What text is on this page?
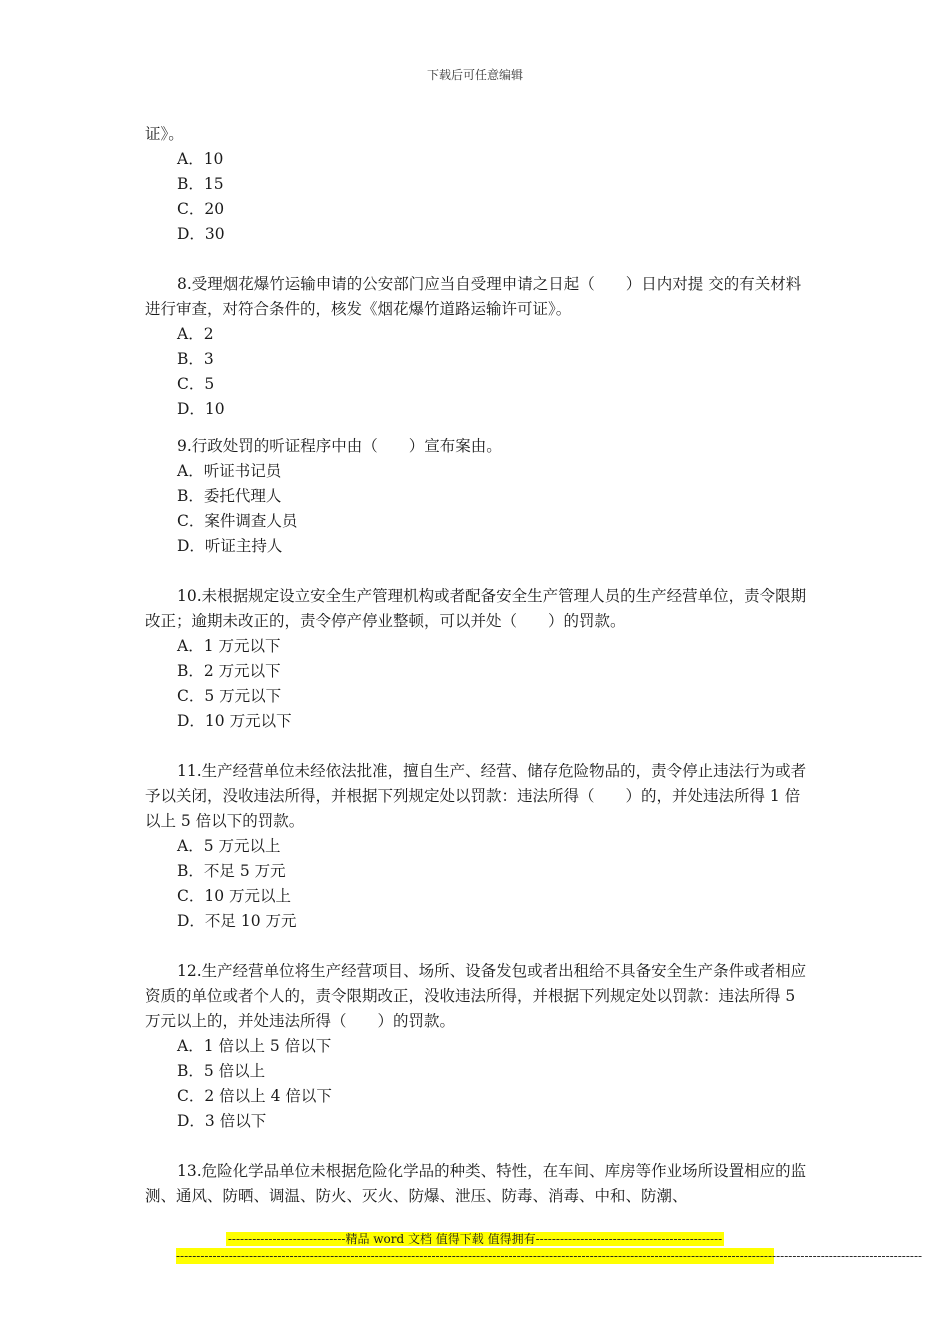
下载后可任意编辑
证》。
A．10
B．15
C．20
D．30
8.受理烟花爆竹运输申请的公安部门应当自受理申请之日起（　　）日内对提 交的有关材料进行审查，对符合条件的，核发《烟花爆竹道路运输许可证》。
A．2
B．3
C．5
D．10
9.行政处罚的听证程序中由（　　）宣布案由。
A．听证书记员
B．委托代理人
C．案件调查人员
D．听证主持人
10.未根据规定设立安全生产管理机构或者配备安全生产管理人员的生产经营单位，责令限期改正；逾期未改正的，责令停产停业整顿，可以并处（　　）的罚款。
A．1 万元以下
B．2 万元以下
C．5 万元以下
D．10 万元以下
11.生产经营单位未经依法批准，擅自生产、经营、储存危险物品的，责令停止违法行为或者予以关闭，没收违法所得，并根据下列规定处以罚款：违法所得（　　）的，并处违法所得 1 倍以上 5 倍以下的罚款。
A．5 万元以上
B．不足 5 万元
C．10 万元以上
D．不足 10 万元
12.生产经营单位将生产经营项目、场所、设备发包或者出租给不具备安全生产条件或者相应资质的单位或者个人的，责令限期改正，没收违法所得，并根据下列规定处以罚款：违法所得 5 万元以上的，并处违法所得（　　）的罚款。
A．1 倍以上 5 倍以下
B．5 倍以上
C．2 倍以上 4 倍以下
D．3 倍以下
13.危险化学品单位未根据危险化学品的种类、特性，在车间、库房等作业场所设置相应的监测、通风、防晒、调温、防火、灭火、防爆、泄压、防毒、消毒、中和、防潮、
-----------------------------精品 word 文档 值得下载 值得拥有----------------------------------------------
----------------------------------------------------------------------------------------------------------------------------------------------------------------------------------------
